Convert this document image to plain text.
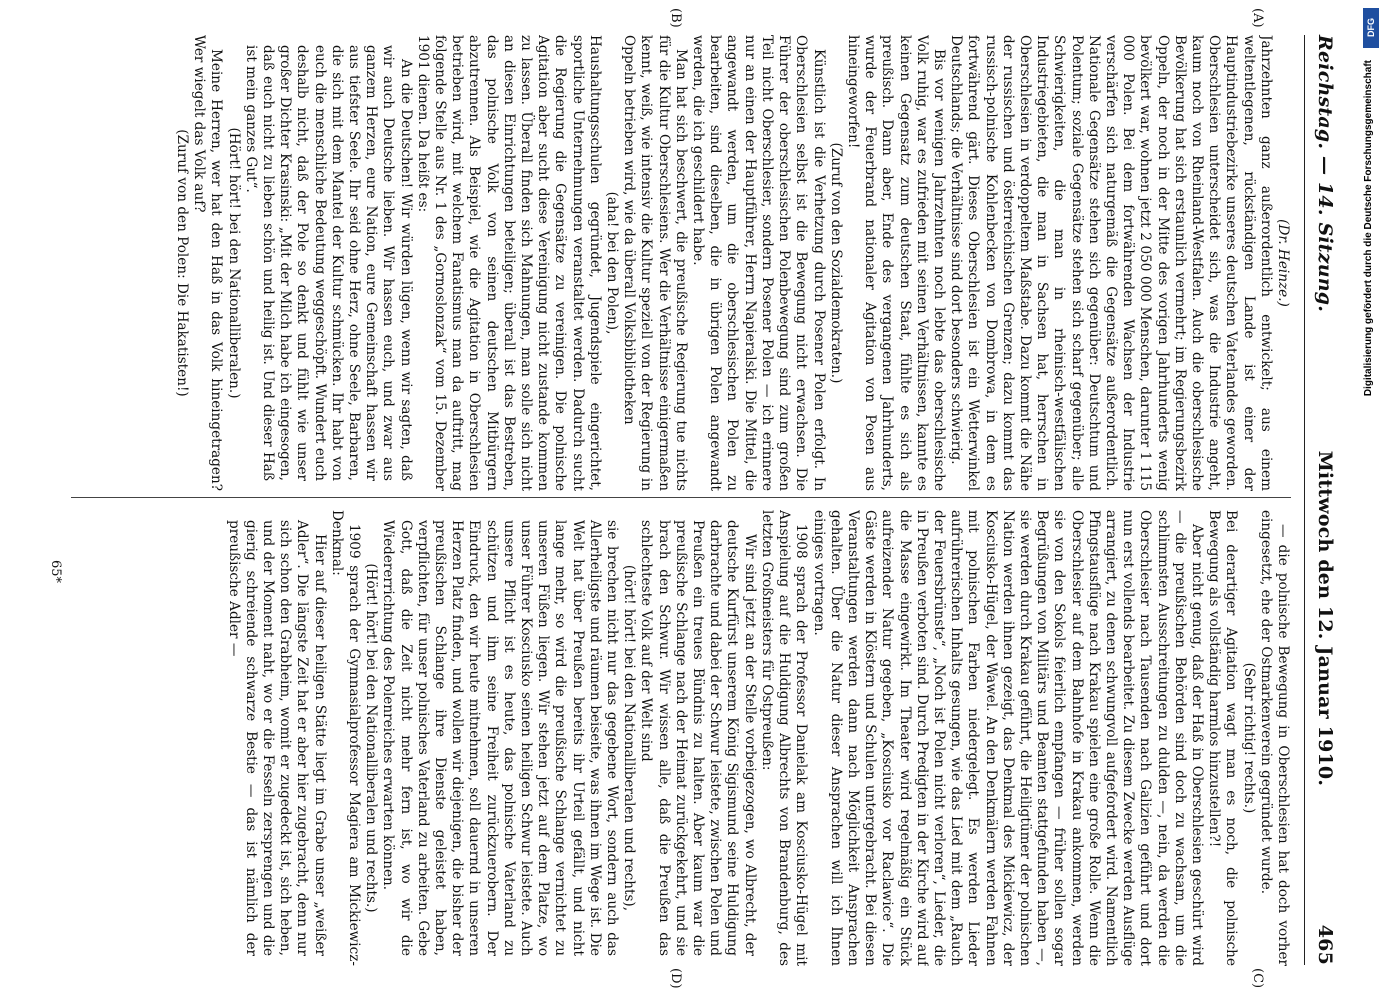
Reichstag. — 14. Sitzung.
Mittwoch den 12. Januar 1910.
465
(A)
(B)
(C)
(D)

(Dr. Heinze.)

Jahrzehnten ganz außerordentlich entwickelt; aus einem weltentlegenen, rückständigen Lande ist einer der Hauptindustriebezirke unseres deutschen Vaterlandes geworden. Oberschlesien unterscheidet sich, was die Industrie angeht, kaum noch von Rheinland-Westfalen. Auch die oberschlesische Bevölkerung hat sich erstaunlich vermehrt; im Regierungsbezirk Oppeln, der noch in der Mitte des vorigen Jahrhunderts wenig bevölkert war, wohnen jetzt 2 050 000 Menschen, darunter 1 115 000 Polen. Bei dem fortwährenden Wachsen der Industrie verschärfen sich naturgemäß die Gegensätze außerordentlich. Nationale Gegensätze stehen sich gegenüber: Deutschtum und Polentum; soziale Gegensätze stehen sich scharf gegenüber; alle Schwierigkeiten, die man in rheinisch-westfälischen Industriegebieten, die man in Sachsen hat, herrschen in Oberschlesien in verdoppeltem Maßstabe. Dazu kommt die Nähe der russischen und österreichischen Grenzen; dazu kommt das russisch-polnische Kohlenbecken von Dombrowa, in dem es fortwährend gärt. Dieses Oberschlesien ist ein Wetterwinkel Deutschlands; die Verhältnisse sind dort besonders schwierig.

Bis vor wenigen Jahrzehnten noch lebte das oberschlesische Volk ruhig, war es zufrieden mit seinen Verhältnissen, kannte es keinen Gegensatz zum deutschen Staat, fühlte es sich als preußisch. Dann aber, Ende des vergangenen Jahrhunderts, wurde der Feuerbrand nationaler Agitation von Posen aus hineingeworfen!

(Zuruf von den Sozialdemokraten.)

Künstlich ist die Verhetzung durch Posener Polen erfolgt. In Oberschlesien selbst ist die Bewegung nicht erwachsen. Die Führer der oberschlesischen Polenbewegung sind zum großen Teil nicht Oberschlesier, sondern Posener Polen — ich erinnere nur an einen der Hauptführer, Herrn Napieralski. Die Mittel, die angewandt werden, um die oberschlesischen Polen zu bearbeiten, sind dieselben, die in übrigen Polen angewandt werden, die ich geschildert habe.

Man hat sich beschwert, die preußische Regierung tue nichts für die Kultur Oberschlesiens. Wer die Verhältnisse einigermaßen kennt, weiß, wie intensiv die Kultur speziell von der Regierung in Oppeln betrieben wird, wie da überall Volksbibliotheken

(aha! bei den Polen),

Haushaltungsschulen gegründet, Jugendspiele eingerichtet, sportliche Unternehmungen veranstaltet werden. Dadurch sucht die Regierung die Gegensätze zu vereinigen. Die polnische Agitation aber sucht diese Vereinigung nicht zustande kommen zu lassen. Überall finden sich Mahnungen, man solle sich nicht an diesen Einrichtungen beteiligen; überall ist das Bestreben, das polnische Volk von seinen deutschen Mitbürgern abzutrennen. Als Beispiel, wie die Agitation in Oberschlesien betrieben wird, mit welchem Fanatismus man da auftritt, mag folgende Stelle aus Nr. 1 des „Gornoslonzak“ vom 15. Dezember 1901 dienen. Da heißt es:

An die Deutschen! Wir würden lügen, wenn wir sagten, daß wir auch Deutsche lieben. Wir hassen euch, und zwar aus ganzem Herzen, eure Nation, eure Gemeinschaft hassen wir aus tiefster Seele. Ihr seid ohne Herz, ohne Seele, Barbaren, die sich mit dem Mantel der Kultur schmücken. Ihr habt von euch die menschliche Bedeutung weggeschöpft. Wundert euch deshalb nicht, daß der Pole so denkt und fühlt wie unser großer Dichter Krasinski: „Mit der Milch habe ich eingesogen, daß euch nicht zu lieben schön und heilig ist. Und dieser Haß ist mein ganzes Gut“.

(Hört! hört! bei den Nationalliberalen.)

Meine Herren, wer hat den Haß in das Volk hineingetragen? Wer wiegelt das Volk auf?

(Zuruf von den Polen: Die Hakatisten!)

— die polnische Bewegung in Oberschlesien hat doch vorher eingesetzt, ehe der Ostmarkenverein gegründet wurde.

(Sehr richtig! rechts.)

Bei derartiger Agitation wagt man es noch, die polnische Bewegung als vollständig harmlos hinzustellen?!

Aber nicht genug, daß der Haß in Oberschlesien geschürt wird — die preußischen Behörden sind doch zu wachsam, um die schlimmsten Ausschreitungen zu dulden —, nein, da werden die Oberschlesier nach Tausenden nach Galizien geführt und dort nun erst vollends bearbeitet. Zu diesem Zwecke werden Ausflüge arrangiert, zu denen schwungvoll aufgefordert wird. Namentlich Pfingstausflüge nach Krakau spielen eine große Rolle. Wenn die Oberschlesier auf dem Bahnhofe in Krakau ankommen, werden sie von den Sokols feierlich empfangen — früher sollen sogar Begrüßungen von Militärs und Beamten stattgefunden haben —, sie werden durch Krakau geführt, die Heiligtümer der polnischen Nation werden ihnen gezeigt, das Denkmal des Mickiewicz, der Kosciusko-Hügel, der Wawel. An den Denkmälern werden Fahnen mit polnischen Farben niedergelegt. Es werden Lieder aufrührerischen Inhalts gesungen, wie das Lied mit dem „Rauch der Feuersbrünste“, „Noch ist Polen nicht verloren“, Lieder, die in Preußen verboten sind. Durch Predigten in der Kirche wird auf die Masse eingewirkt. Im Theater wird regelmäßig ein Stück aufreizender Natur gegeben, „Kosciusko vor Raclawice“. Die Gäste werden in Klöstern und Schulen untergebracht. Bei diesen Veranstaltungen werden dann nach Möglichkeit Ansprachen gehalten. Über die Natur dieser Ansprachen will ich Ihnen einiges vortragen.

1908 sprach der Professor Danielak am Kosciusko-Hügel mit Anspielung auf die Huldigung Albrechts von Brandenburg, des letzten Großmeisters für Ostpreußen:

Wir sind jetzt an der Stelle vorbeigezogen, wo Albrecht, der deutsche Kurfürst unserem König Sigismund seine Huldigung darbrachte und dabei der Schwur leistete, zwischen Polen und Preußen ein treues Bündnis zu halten. Aber kaum war die preußische Schlange nach der Heimat zurückgekehrt, und sie brach den Schwur. Wir wissen alle, daß die Preußen das schlechteste Volk auf der Welt sind

(hört! hört! bei den Nationalliberalen und rechts),

sie brechen nicht nur das gegebene Wort, sondern auch das Allerheiligste und räumen beiseite, was ihnen im Wege ist. Die Welt hat über Preußen bereits ihr Urteil gefällt, und nicht lange mehr, so wird die preußische Schlange vernichtet zu unseren Füßen liegen. Wir stehen jetzt auf dem Platze, wo unser Führer Kosciusko seinen heiligen Schwur leistete. Auch unsere Pflicht ist es heute, das polnische Vaterland zu schützen und ihm seine Freiheit zurückzuerobern. Der Eindruck, den wir heute mitnehmen, soll dauernd in unseren Herzen Platz finden, und wollen wir diejenigen, die bisher der preußischen Schlange ihre Dienste geleistet haben, verpflichten, für unser polnisches Vaterland zu arbeiten. Gebe Gott, daß die Zeit nicht mehr fern ist, wo wir die Wiedererrichtung des Polenreiches erwarten können.

(Hört! hört! bei den Nationalliberalen und rechts.)

1909 sprach der Gymnasialprofessor Magiera am Mickiewicz-Denkmal:

Hier auf dieser heiligen Stätte liegt im Grabe unser „weißer Adler“. Die längste Zeit hat er aber hier zugebracht, denn nur sich schon den Grabheim, womit er zugedeckt ist, sich heben, und der Moment naht, wo er die Fesseln zersprengen und die gierig schreiende schwarze Bestie — das ist nämlich der preußische Adler —

65*
Digitalisierung gefördert durch die Deutsche Forschungsgemeinschaft
DFG
